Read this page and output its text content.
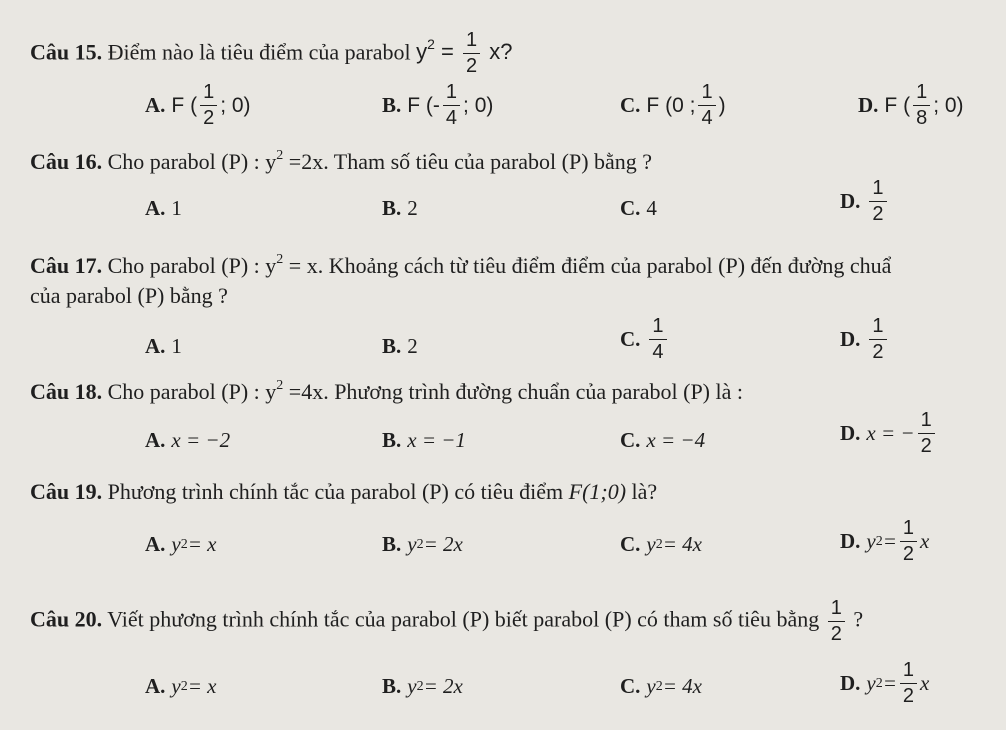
Câu 15. Điểm nào là tiêu điểm của parabol $y^2 = \frac{1}{2} x$?
A. F ( $\frac{1}{2}$ ; 0)	B. F (- $\frac{1}{4}$ ; 0)	C. F (0 ; $\frac{1}{4}$ )	D. F ( $\frac{1}{8}$ ; 0)
Câu 16. Cho parabol (P) : $y^2 =2x$. Tham số tiêu của parabol (P) bằng ?
A. 1	B. 2	C. 4	D. $\frac{1}{2}$
Câu 17. Cho parabol (P) : $y^2 = x$. Khoảng cách từ tiêu điểm điểm của parabol (P) đến đường chuẩ
của parabol (P) bằng ?
A. 1	B. 2	C. $\frac{1}{4}$	D. $\frac{1}{2}$
Câu 18. Cho parabol (P) : $y^2 =4x$. Phương trình đường chuẩn của parabol (P) là :
A. x = −2	B. x = −1	C. x = −4	D. x = − $\frac{1}{2}$
Câu 19. Phương trình chính tắc của parabol (P) có tiêu điểm F(1;0) là?
A. y 2 = x	B. y 2 = 2x	C. y 2 = 4x	D. y $2 = \frac{1}{2}$ x
Câu 20. Viết phương trình chính tắc của parabol (P) biết parabol (P) có tham số tiêu bằng $\frac{1}{2}$ ?
A. y 2 = x	B. y 2 = 2x	C. y 2 = 4x	D. y $2 = \frac{1}{2}$ x
